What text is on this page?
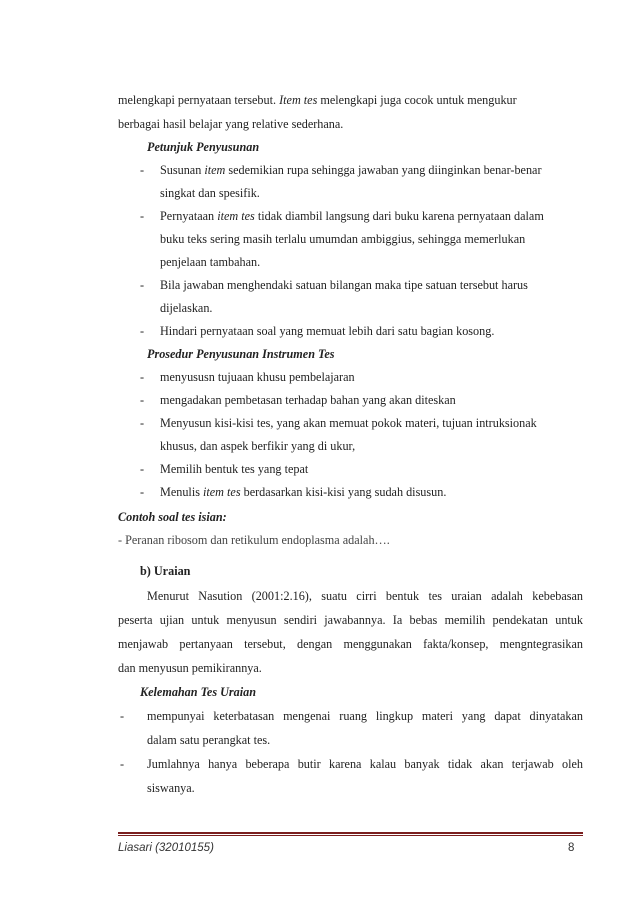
melengkapi pernyataan tersebut. Item tes melengkapi juga cocok untuk mengukur
berbagai hasil belajar yang relative sederhana.
Petunjuk Penyusunan
- Susunan item sedemikian rupa sehingga jawaban yang diinginkan benar-benar
singkat dan spesifik.
- Pernyataan item tes tidak diambil langsung dari buku karena pernyataan dalam
buku teks sering masih terlalu umumdan ambiggius, sehingga memerlukan
penjelaan tambahan.
- Bila jawaban menghendaki satuan bilangan maka tipe satuan tersebut harus
dijelaskan.
- Hindari pernyataan soal yang memuat lebih dari satu bagian kosong.
Prosedur Penyusunan Instrumen Tes
- menyususn tujuaan khusu pembelajaran
- mengadakan pembetasan terhadap bahan yang akan diteskan
- Menyusun kisi-kisi tes, yang akan memuat pokok materi, tujuan intruksionak
khusus, dan aspek berfikir yang di ukur,
- Memilih bentuk tes yang tepat
- Menulis item tes berdasarkan kisi-kisi yang sudah disusun.
Contoh soal tes isian:
- Peranan ribosom dan retikulum endoplasma adalah….
b) Uraian
Menurut Nasution (2001:2.16), suatu cirri bentuk tes uraian adalah kebebasan
peserta ujian untuk menyusun sendiri jawabannya. Ia bebas memilih pendekatan untuk
menjawab pertanyaan tersebut, dengan menggunakan fakta/konsep, mengntegrasikan
dan menyusun pemikirannya.
Kelemahan Tes Uraian
- mempunyai keterbatasan mengenai ruang lingkup materi yang dapat dinyatakan
dalam satu perangkat tes.
- Jumlahnya hanya beberapa butir karena kalau banyak tidak akan terjawab oleh
siswanya.
Liasari (32010155)	8
